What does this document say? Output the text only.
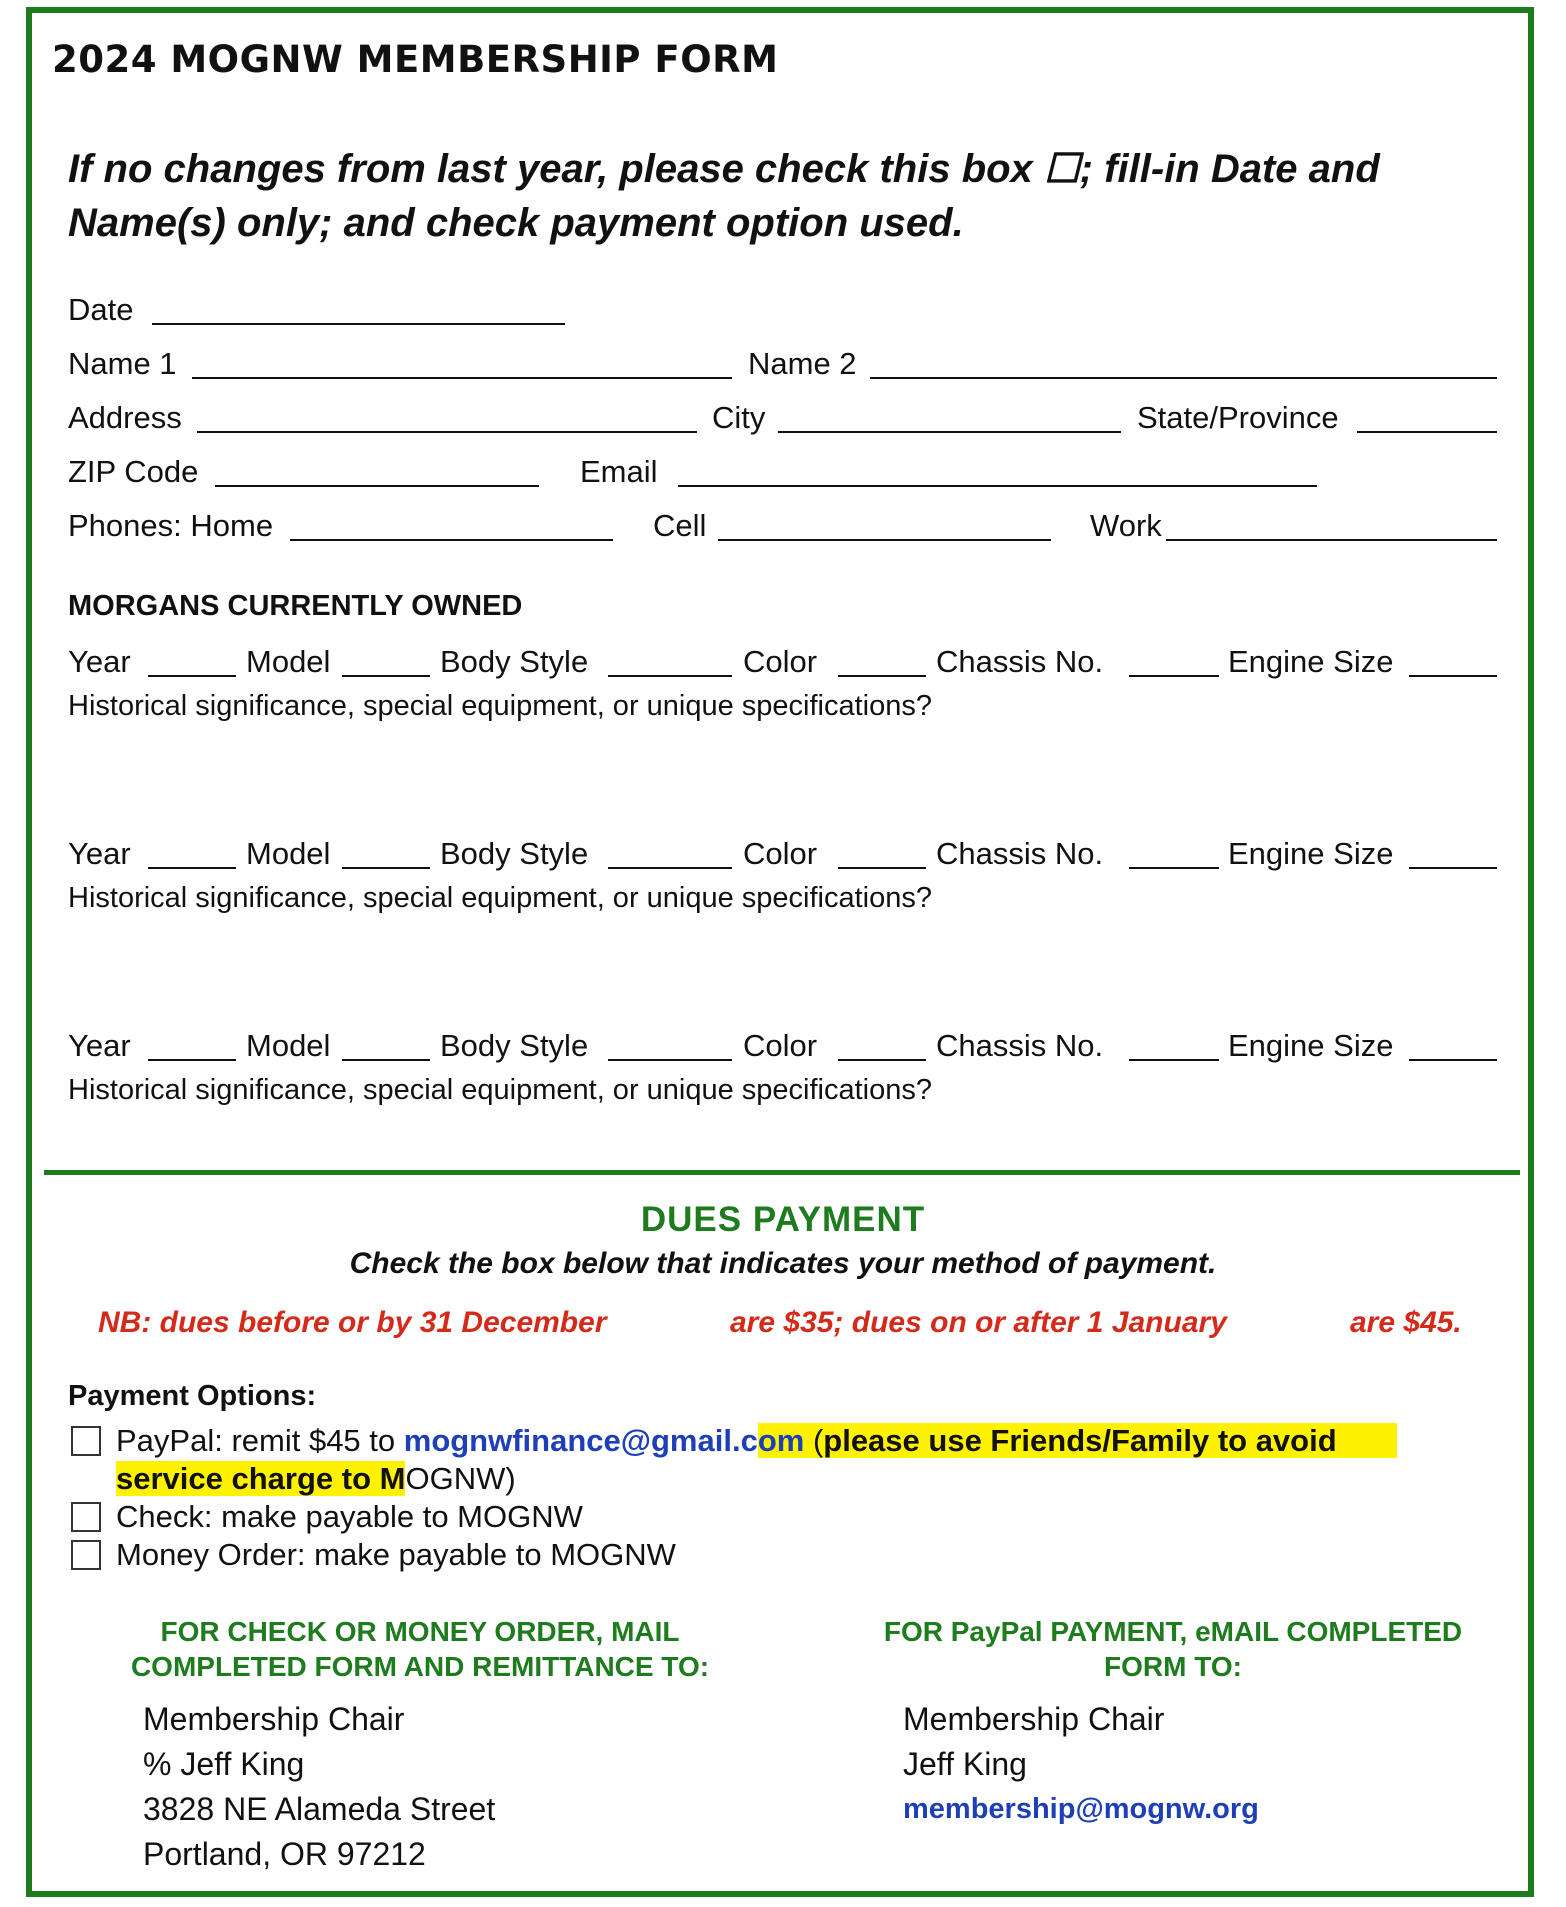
2024 MOGNW MEMBERSHIP FORM
If no changes from last year, please check this box ☐; fill-in Date and Name(s) only; and check payment option used.
Date
Name 1	Name 2
Address	City	State/Province
ZIP Code	Email
Phones: Home	Cell	Work
MORGANS CURRENTLY OWNED
Year	Model	Body Style	Color	Chassis No.	Engine Size
Historical significance, special equipment, or unique specifications?
Year	Model	Body Style	Color	Chassis No.	Engine Size
Historical significance, special equipment, or unique specifications?
Year	Model	Body Style	Color	Chassis No.	Engine Size
Historical significance, special equipment, or unique specifications?
DUES PAYMENT
Check the box below that indicates your method of payment.
NB: dues before or by 31 December	are $35; dues on or after 1 January	are $45.
Payment Options:
PayPal: remit $45 to mognwfinance@gmail.com (please use Friends/Family to avoid
service charge to MOGNW)
Check: make payable to MOGNW
Money Order: make payable to MOGNW
FOR CHECK OR MONEY ORDER, MAIL COMPLETED FORM AND REMITTANCE TO:
Membership Chair
% Jeff King
3828 NE Alameda Street
Portland, OR 97212
FOR PayPal PAYMENT, eMAIL COMPLETED FORM TO:
Membership Chair
Jeff King
membership@mognw.org
